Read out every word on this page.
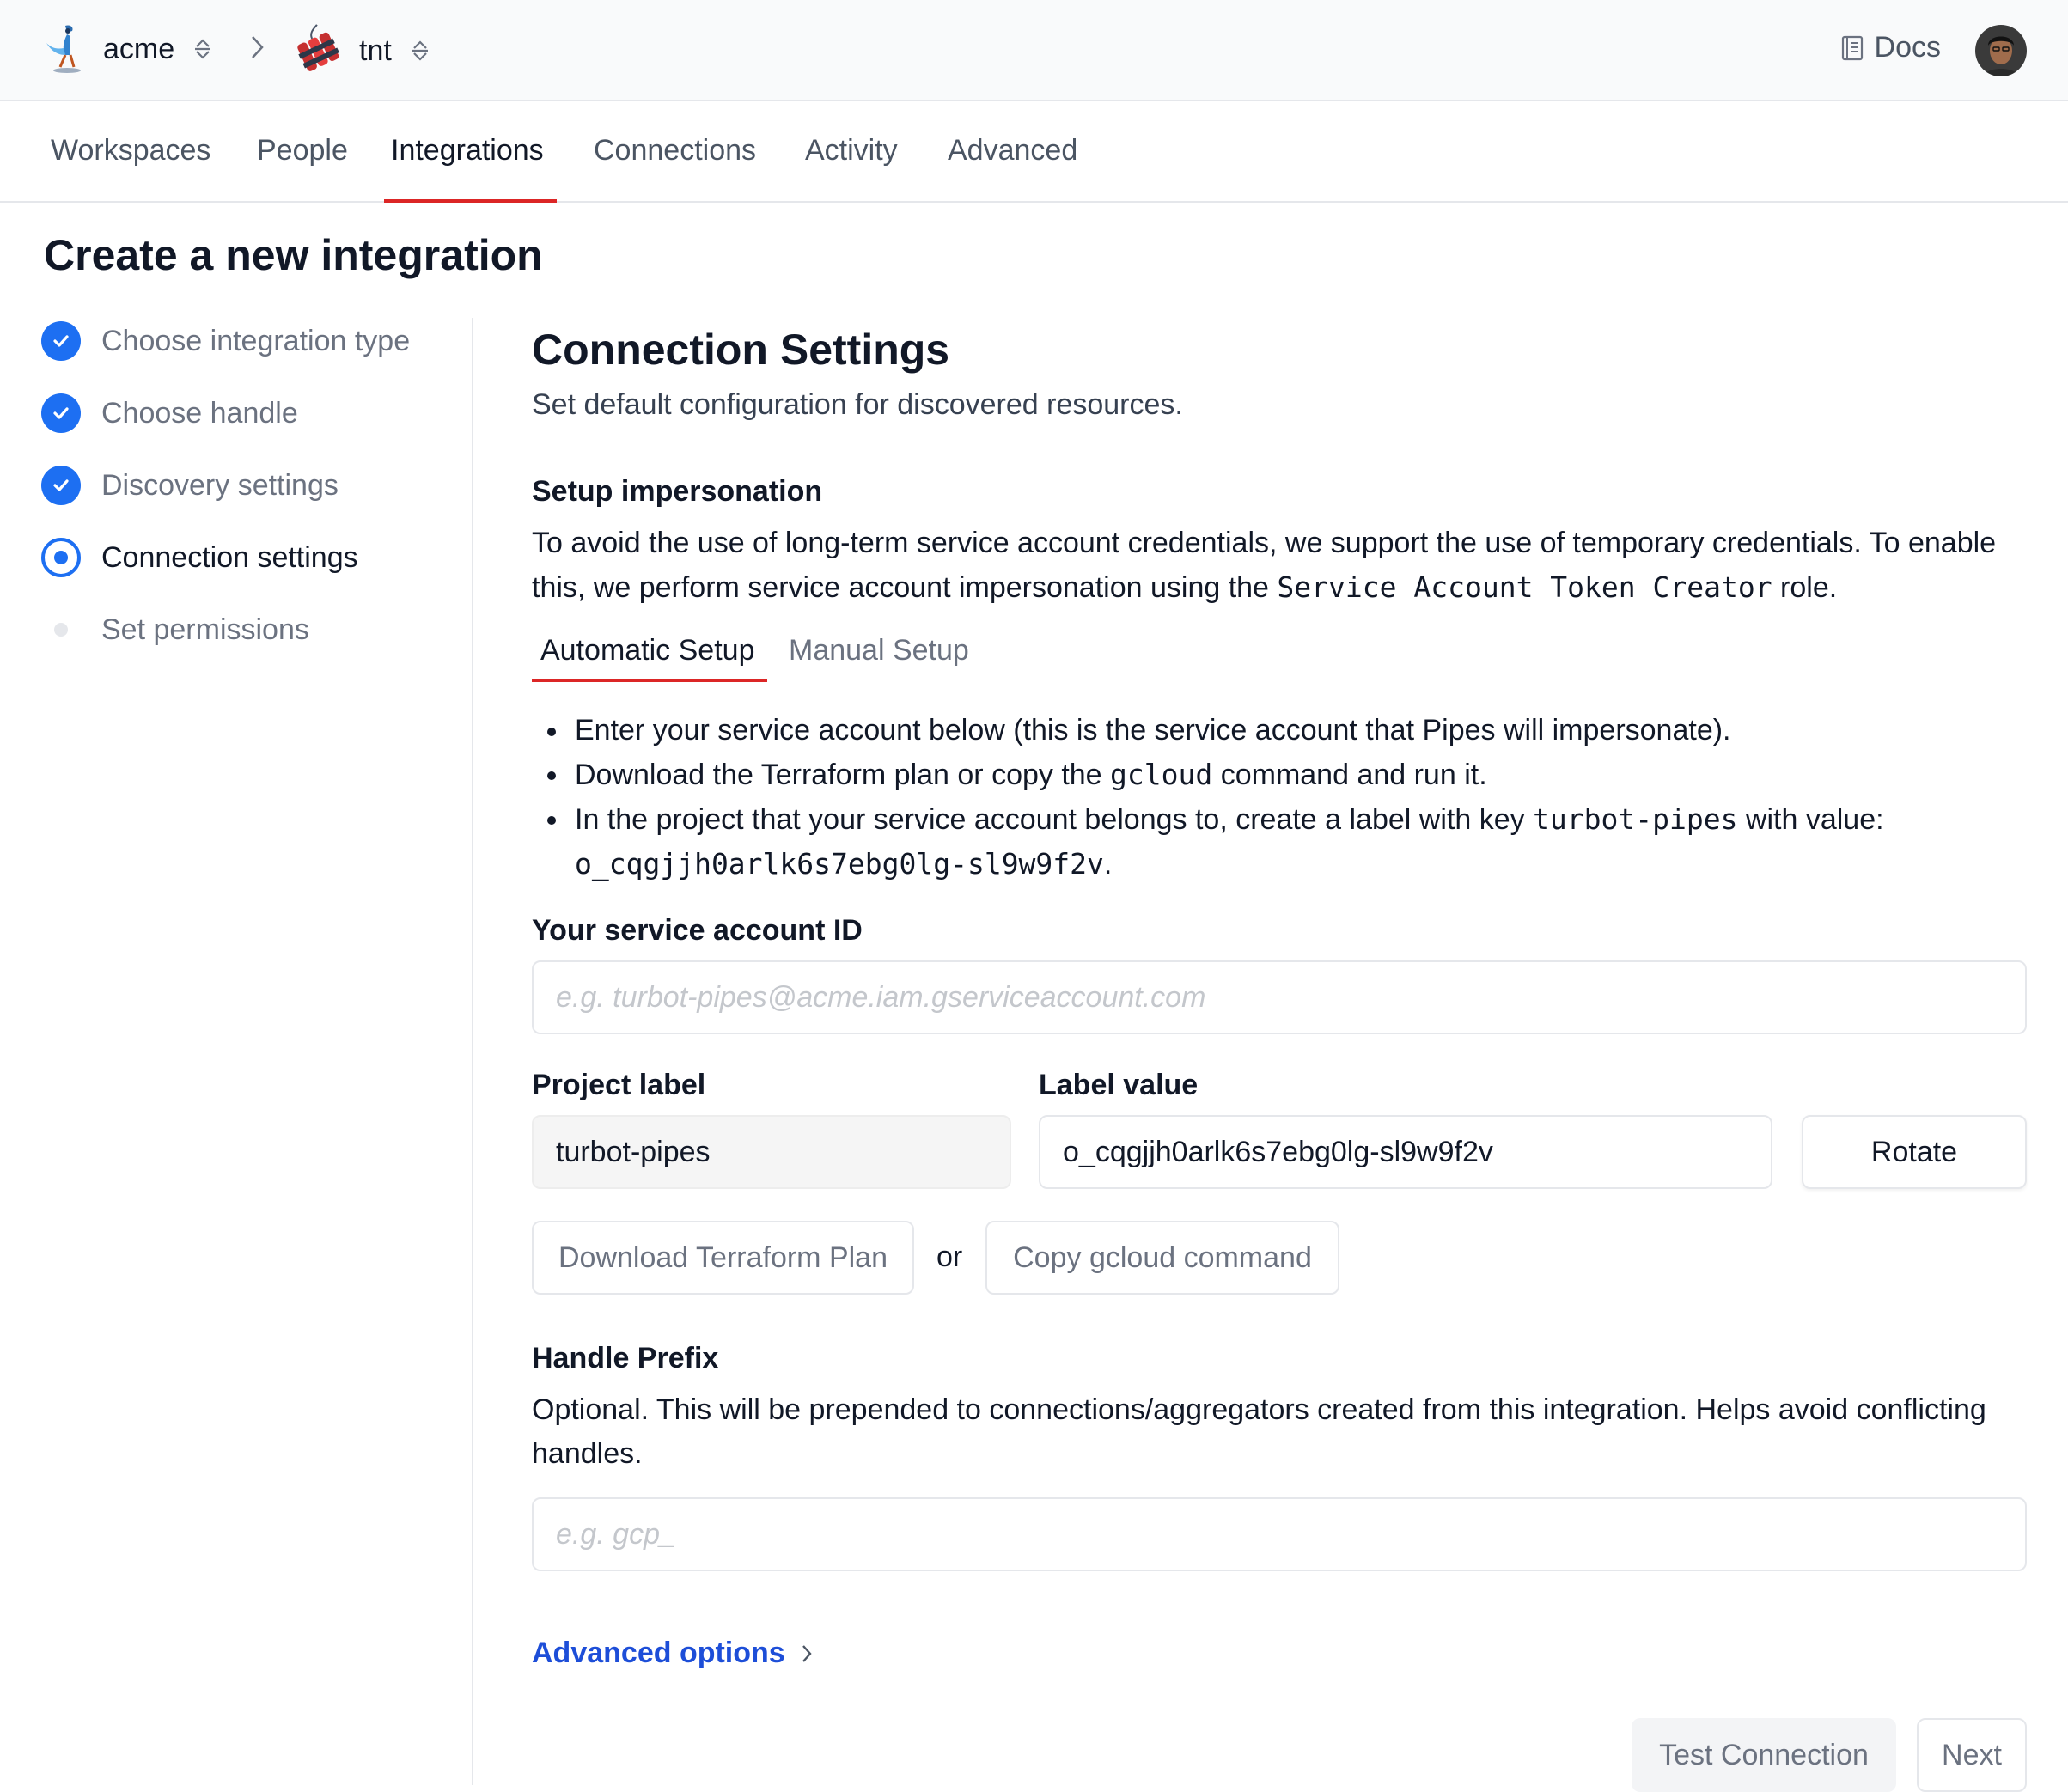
acme	tnt	Docs
Workspaces People Integrations Connections Activity Advanced
Create a new integration
Choose integration type
Choose handle
Discovery settings
Connection settings
Set permissions
Connection Settings

Set default configuration for discovered resources.

Setup impersonation

To avoid the use of long-term service account credentials, we support the use of temporary credentials. To enable this, we perform service account impersonation using the Service Account Token Creator role.

Automatic Setup Manual Setup
Enter your service account below (this is the service account that Pipes will impersonate).
Download the Terraform plan or copy the gcloud command and run it.
In the project that your service account belongs to, create a label with key turbot-pipes with value: o_cqgjjh0arlk6s7ebg0lg-sl9w9f2v.
Your service account ID
e.g. turbot-pipes@acme.iam.gserviceaccount.com
Project label
turbot-pipes
Label value
o_cqgjjh0arlk6s7ebg0lg-sl9w9f2v	Rotate
Download Terraform Plan	or	Copy gcloud command
Handle Prefix

Optional. This will be prepended to connections/aggregators created from this integration. Helps avoid conflicting handles.

e.g. gcp_
Advanced options
Test Connection	Next
